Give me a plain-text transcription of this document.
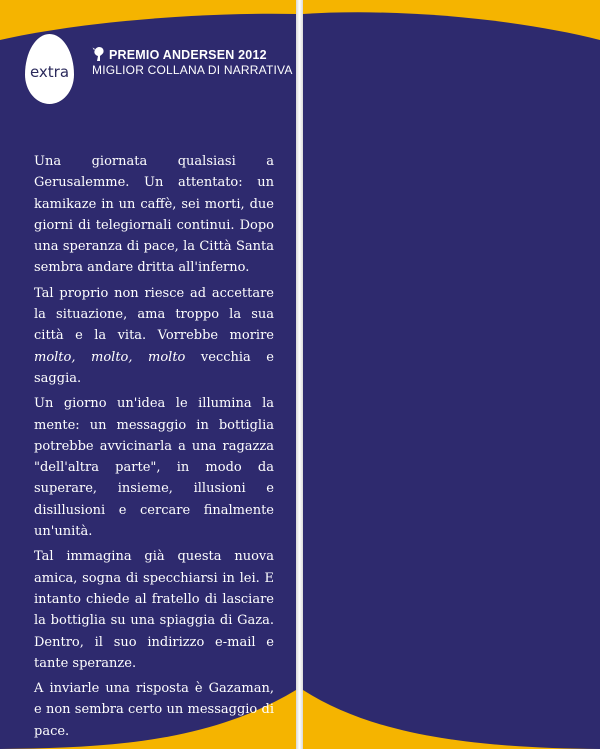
extra
PREMIO ANDERSEN 2012
MIGLIOR COLLANA DI NARRATIVA

Una giornata qualsiasi a Gerusalemme. Un attentato: un kamikaze in un caffè, sei morti, due giorni di telegiornali continui. Dopo una speranza di pace, la Città Santa sembra andare dritta all'inferno.

Tal proprio non riesce ad accettare la situazione, ama troppo la sua città e la vita. Vorrebbe morire molto, molto, molto vecchia e saggia.

Un giorno un'idea le illumina la mente: un messaggio in bottiglia potrebbe avvicinarla a una ragazza "dell'altra parte", in modo da superare, insieme, illusioni e disillusioni e cercare finalmente un'unità.

Tal immagina già questa nuova amica, sogna di specchiarsi in lei. E intanto chiede al fratello di lasciare la bottiglia su una spiaggia di Gaza. Dentro, il suo indirizzo e-mail e tante speranze.

A inviarle una risposta è Gazaman, e non sembra certo un messaggio di pace.
